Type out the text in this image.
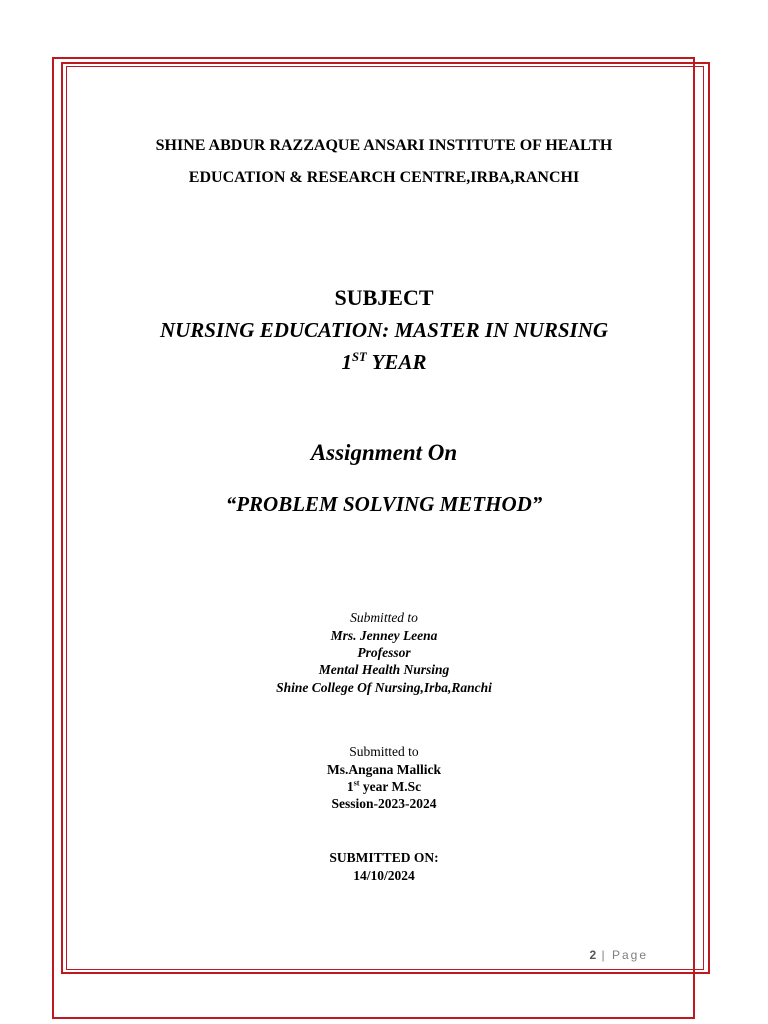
SHINE ABDUR RAZZAQUE ANSARI INSTITUTE OF HEALTH
EDUCATION & RESEARCH CENTRE,IRBA,RANCHI
SUBJECT
NURSING EDUCATION: MASTER IN NURSING
1ST YEAR
Assignment On
“PROBLEM SOLVING METHOD”
Submitted to
Mrs. Jenney Leena
Professor
Mental Health Nursing
Shine College Of Nursing,Irba,Ranchi
Submitted to
Ms.Angana Mallick
1st year M.Sc
Session-2023-2024
SUBMITTED ON:
14/10/2024
2 | Page
